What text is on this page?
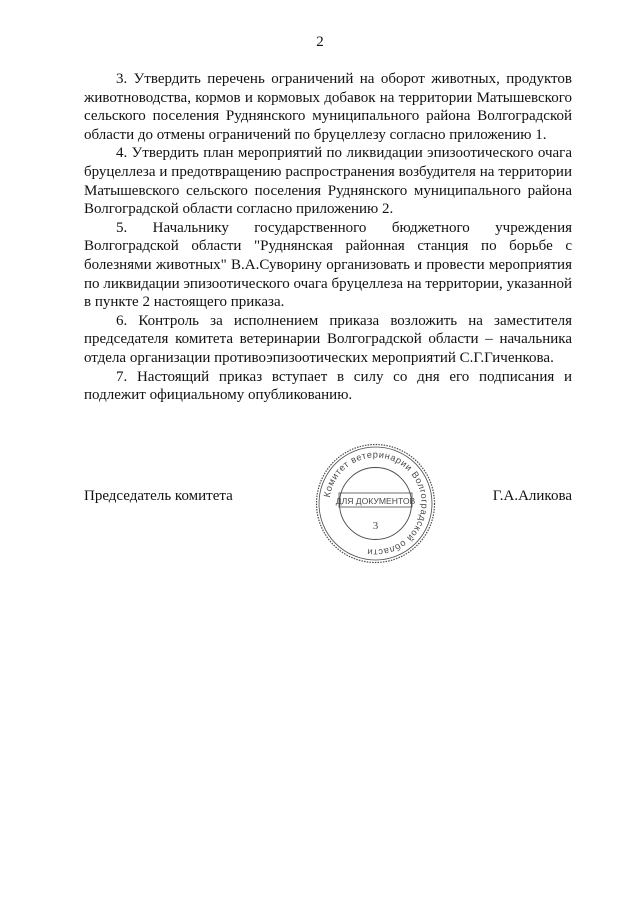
2

3. Утвердить перечень ограничений на оборот животных, продуктов животноводства, кормов и кормовых добавок на территории Матышевского сельского поселения Руднянского муниципального района Волгоградской области до отмены ограничений по бруцеллезу согласно приложению 1.

4. Утвердить план мероприятий по ликвидации эпизоотического очага бруцеллеза и предотвращению распространения возбудителя на территории Матышевского сельского поселения Руднянского муниципального района Волгоградской области согласно приложению 2.

5. Начальнику государственного бюджетного учреждения Волгоградской области "Руднянская районная станция по борьбе с болезнями животных" В.А.Суворину организовать и провести мероприятия по ликвидации эпизоотического очага бруцеллеза на территории, указанной в пункте 2 настоящего приказа.

6. Контроль за исполнением приказа возложить на заместителя председателя комитета ветеринарии Волгоградской области – начальника отдела организации противоэпизоотических мероприятий С.Г.Гиченкова.

7. Настоящий приказ вступает в силу со дня его подписания и подлежит официальному опубликованию.

Председатель комитета	Г.А.Аликова
Комитет ветеринарии Волгоградской области
ДЛЯ ДОКУМЕНТОВ
3
